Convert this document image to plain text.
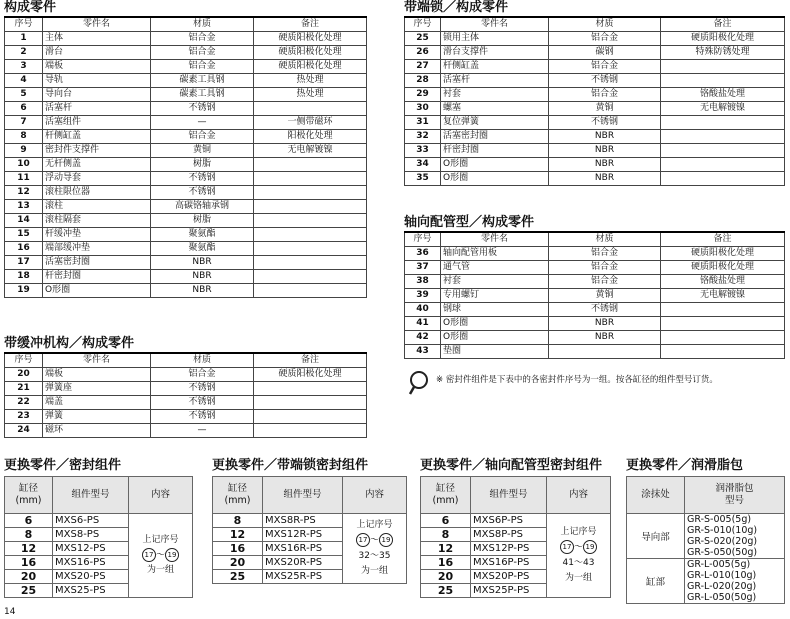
构成零件
序号	零件名	材质	备注
1	主体	铝合金	硬质阳极化处理
2	滑台	铝合金	硬质阳极化处理
3	端板	铝合金	硬质阳极化处理
4	导轨	碳素工具钢	热处理
5	导向台	碳素工具钢	热处理
6	活塞杆	不锈钢	
7	活塞组件	—	一侧带磁环
8	杆侧缸盖	铝合金	阳极化处理
9	密封件支撑件	黄铜	无电解镀镍
10	无杆侧盖	树脂	
11	浮动导套	不锈钢	
12	滚柱限位器	不锈钢	
13	滚柱	高碳铬轴承钢	
14	滚柱隔套	树脂	
15	杆缓冲垫	聚氨酯	
16	端部缓冲垫	聚氨酯	
17	活塞密封圈	NBR	
18	杆密封圈	NBR	
19	O形圈	NBR	
带缓冲机构／构成零件
序号	零件名	材质	备注
20	端板	铝合金	硬质阳极化处理
21	弹簧座	不锈钢	
22	端盖	不锈钢	
23	弹簧	不锈钢	
24	磁环	—	
带端锁／构成零件
序号	零件名	材质	备注
25	锁用主体	铝合金	硬质阳极化处理
26	滑台支撑件	碳钢	特殊防锈处理
27	杆侧缸盖	铝合金	
28	活塞杆	不锈钢	
29	衬套	铝合金	铬酸盐处理
30	螺塞	黄铜	无电解镀镍
31	复位弹簧	不锈钢	
32	活塞密封圈	NBR	
33	杆密封圈	NBR	
34	O形圈	NBR	
35	O形圈	NBR	
轴向配管型／构成零件
序号	零件名	材质	备注
36	轴向配管用板	铝合金	硬质阳极化处理
37	通气管	铝合金	硬质阳极化处理
38	衬套	铝合金	铬酸盐处理
39	专用螺钉	黄铜	无电解镀镍
40	钢球	不锈钢	
41	O形圈	NBR	
42	O形圈	NBR	
43	垫圈		
※ 密封件组件是下表中的各密封件序号为一组。按各缸径的组件型号订货。
更换零件／密封组件
缸径
(mm)	组件型号	内容
6	MXS6-PS	上记序号
17 ～ 19
为一组

8	MXS8-PS	
12	MXS12-PS	
16	MXS16-PS	
20	MXS20-PS	
25	MXS25-PS	
更换零件／带端锁密封组件
缸径
(mm)	组件型号	内容
8	MXS8R-PS	上记序号
17 ～ 19
32～35
为一组

12	MXS12R-PS	
16	MXS16R-PS	
20	MXS20R-PS	
25	MXS25R-PS	
更换零件／轴向配管型密封组件
缸径
(mm)	组件型号	内容
6	MXS6P-PS	上记序号
17 ～ 19
41～43
为一组

8	MXS8P-PS	
12	MXS12P-PS	
16	MXS16P-PS	
20	MXS20P-PS	
25	MXS25P-PS	
更换零件／润滑脂包
涂抹处	润滑脂包
型号
导向部	GR-S-005(5g)
GR-S-010(10g)
GR-S-020(20g)
GR-S-050(50g)

缸部	GR-L-005(5g)
GR-L-010(10g)
GR-L-020(20g)
GR-L-050(50g)
14
